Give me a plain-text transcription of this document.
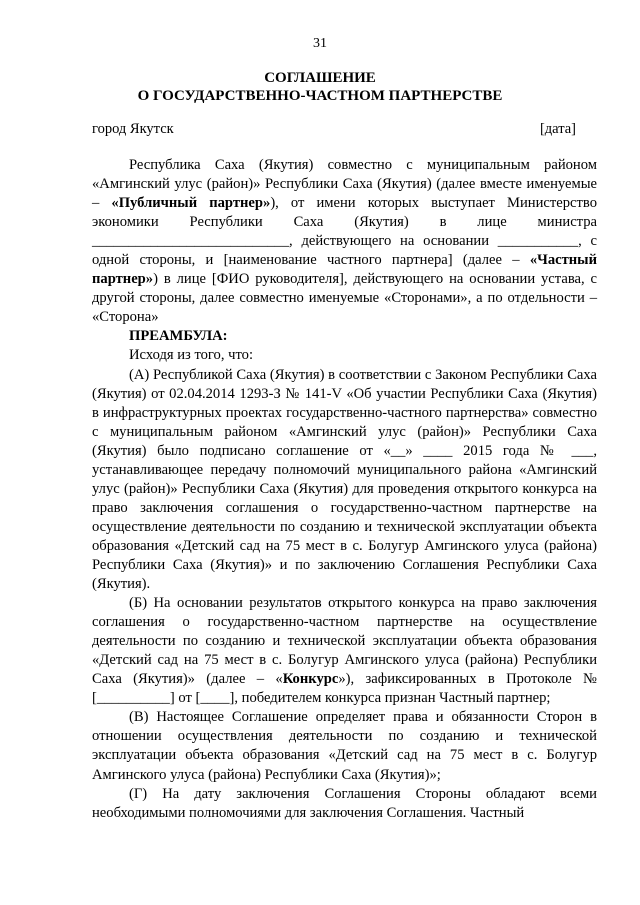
31
СОГЛАШЕНИЕ
О ГОСУДАРСТВЕННО-ЧАСТНОМ ПАРТНЕРСТВЕ
город Якутск	[дата]

Республика Саха (Якутия) совместно с муниципальным районом «Амгинский улус (район)» Республики Саха (Якутия) (далее вместе именуемые – «Публичный партнер»), от имени которых выступает Министерство экономики Республики Саха (Якутия) в лице министра ___________________________, действующего на основании ___________, с одной стороны, и [наименование частного партнера] (далее – «Частный партнер») в лице [ФИО руководителя], действующего на основании устава, с другой стороны, далее совместно именуемые «Сторонами», а по отдельности – «Сторона»

ПРЕАМБУЛА:

Исходя из того, что:

(А) Республикой Саха (Якутия) в соответствии с Законом Республики Саха (Якутия) от 02.04.2014 1293-З № 141-V «Об участии Республики Саха (Якутия) в инфраструктурных проектах государственно-частного партнерства» совместно с муниципальным районом «Амгинский улус (район)» Республики Саха (Якутия) было подписано соглашение от «__» ____ 2015 года № ___, устанавливающее передачу полномочий муниципального района «Амгинский улус (район)» Республики Саха (Якутия) для проведения открытого конкурса на право заключения соглашения о государственно-частном партнерстве на осуществление деятельности по созданию и технической эксплуатации объекта образования «Детский сад на 75 мест в с. Болугур Амгинского улуса (района) Республики Саха (Якутия)» и по заключению Соглашения Республики Саха (Якутия).

(Б) На основании результатов открытого конкурса на право заключения соглашения о государственно-частном партнерстве на осуществление деятельности по созданию и технической эксплуатации объекта образования «Детский сад на 75 мест в с. Болугур Амгинского улуса (района) Республики Саха (Якутия)» (далее – «Конкурс»), зафиксированных в Протоколе № [__________] от [____], победителем конкурса признан Частный партнер;

(В) Настоящее Соглашение определяет права и обязанности Сторон в отношении осуществления деятельности по созданию и технической эксплуатации объекта образования «Детский сад на 75 мест в с. Болугур Амгинского улуса (района) Республики Саха (Якутия)»;

(Г) На дату заключения Соглашения Стороны обладают всеми необходимыми полномочиями для заключения Соглашения. Частный
